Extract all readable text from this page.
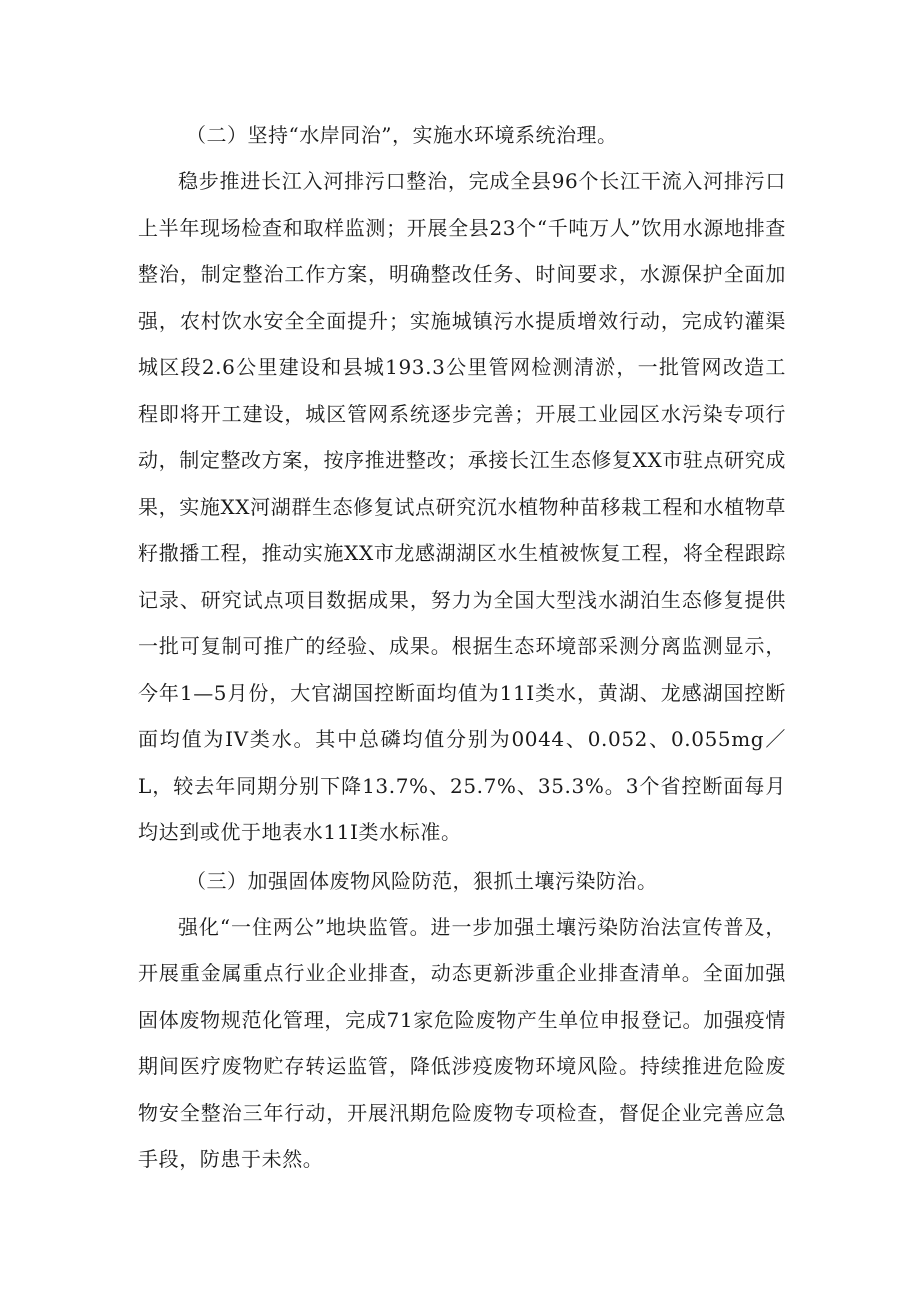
（二）坚持“水岸同治”，实施水环境系统治理。

稳步推进长江入河排污口整治，完成全县96个长江干流入河排污口上半年现场检查和取样监测；开展全县23个“千吨万人”饮用水源地排查整治，制定整治工作方案，明确整改任务、时间要求，水源保护全面加强，农村饮水安全全面提升；实施城镇污水提质增效行动，完成钓灌渠城区段2.6公里建设和县城193.3公里管网检测清淤，一批管网改造工程即将开工建设，城区管网系统逐步完善；开展工业园区水污染专项行动，制定整改方案，按序推进整改；承接长江生态修复XX市驻点研究成果，实施XX河湖群生态修复试点研究沉水植物种苗移栽工程和水植物草籽撒播工程，推动实施XX市龙感湖湖区水生植被恢复工程，将全程跟踪记录、研究试点项目数据成果，努力为全国大型浅水湖泊生态修复提供一批可复制可推广的经验、成果。根据生态环境部采测分离监测显示，今年1—5月份，大官湖国控断面均值为11I类水，黄湖、龙感湖国控断面均值为IV类水。其中总磷均值分别为0044、0.052、0.055mg／L，较去年同期分别下降13.7%、25.7%、35.3%。3个省控断面每月均达到或优于地表水11I类水标准。

（三）加强固体废物风险防范，狠抓土壤污染防治。

强化“一住两公”地块监管。进一步加强土壤污染防治法宣传普及，开展重金属重点行业企业排查，动态更新涉重企业排查清单。全面加强固体废物规范化管理，完成71家危险废物产生单位申报登记。加强疫情期间医疗废物贮存转运监管，降低涉疫废物环境风险。持续推进危险废物安全整治三年行动，开展汛期危险废物专项检查，督促企业完善应急手段，防患于未然。
